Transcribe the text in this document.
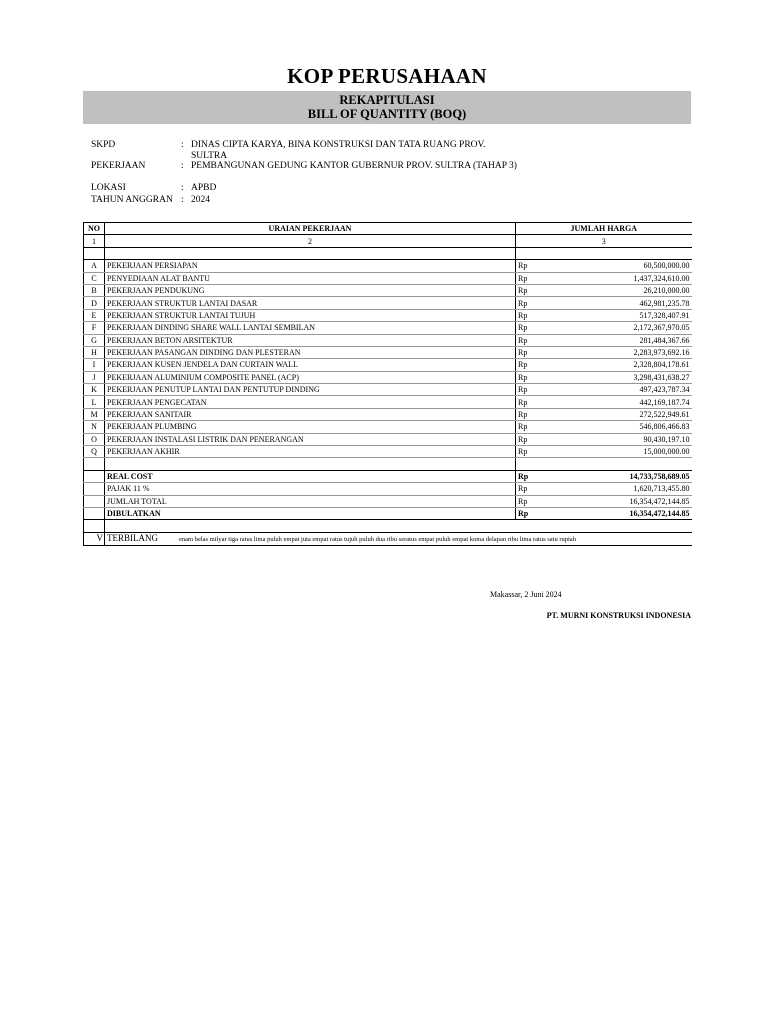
KOP PERUSAHAAN
REKAPITULASI
BILL OF QUANTITY (BOQ)
SKPD	: DINAS CIPTA KARYA, BINA KONSTRUKSI DAN TATA RUANG PROV. SULTRA
PEKERJAAN	: PEMBANGUNAN GEDUNG KANTOR GUBERNUR PROV. SULTRA (TAHAP 3)
LOKASI	: APBD
TAHUN ANGGRAN : 2024
NO	URAIAN PEKERJAAN	JUMLAH HARGA	
1	2	3	

A	PEKERJAAN PERSIAPAN	Rp	60,500,000.00
C	PENYEDIAAN ALAT BANTU	Rp	1,437,324,610.00
B	PEKERJAAN PENDUKUNG	Rp	26,210,000.00
D	PEKERJAAN STRUKTUR LANTAI DASAR	Rp	462,981,235.78
E	PEKERJAAN STRUKTUR LANTAI TUJUH	Rp	517,328,407.91
F	PEKERJAAN DINDING SHARE WALL LANTAI SEMBILAN	Rp	2,172,367,970.05
G	PEKERJAAN BETON ARSITEKTUR	Rp	281,484,367.66
H	PEKERJAAN PASANGAN DINDING DAN PLESTERAN	Rp	2,283,973,692.16
I	PEKERJAAN KUSEN JENDELA DAN CURTAIN WALL	Rp	2,328,804,178.61
J	PEKERJAAN ALUMINIUM COMPOSITE PANEL (ACP)	Rp	3,298,431,638.27
K	PEKERJAAN PENUTUP LANTAI DAN PENTUTUP DINDING	Rp	497,423,787.34
L	PEKERJAAN PENGECATAN	Rp	442,169,187.74
M	PEKERJAAN SANITAIR	Rp	272,522,949.61
N	PEKERJAAN PLUMBING	Rp	546,806,466.83
O	PEKERJAAN INSTALASI LISTRIK DAN PENERANGAN	Rp	90,430,197.10
Q	PEKERJAAN AKHIR	Rp	15,000,000.00

	REAL COST	Rp	14,733,758,689.05
	PAJAK 11 %	Rp	1,620,713,455.80
	JUMLAH TOTAL	Rp	16,354,472,144.85
	DIBULATKAN	Rp	16,354,472,144.85

V	TERBILANG enam belas milyar tiga ratus lima puluh empat juta empat ratus tujuh puluh dua ribu seratus empat puluh empat koma delapan ribu lima ratus satu rupiah		
Makassar, 2 Juni 2024
PT. MURNI KONSTRUKSI INDONESIA
